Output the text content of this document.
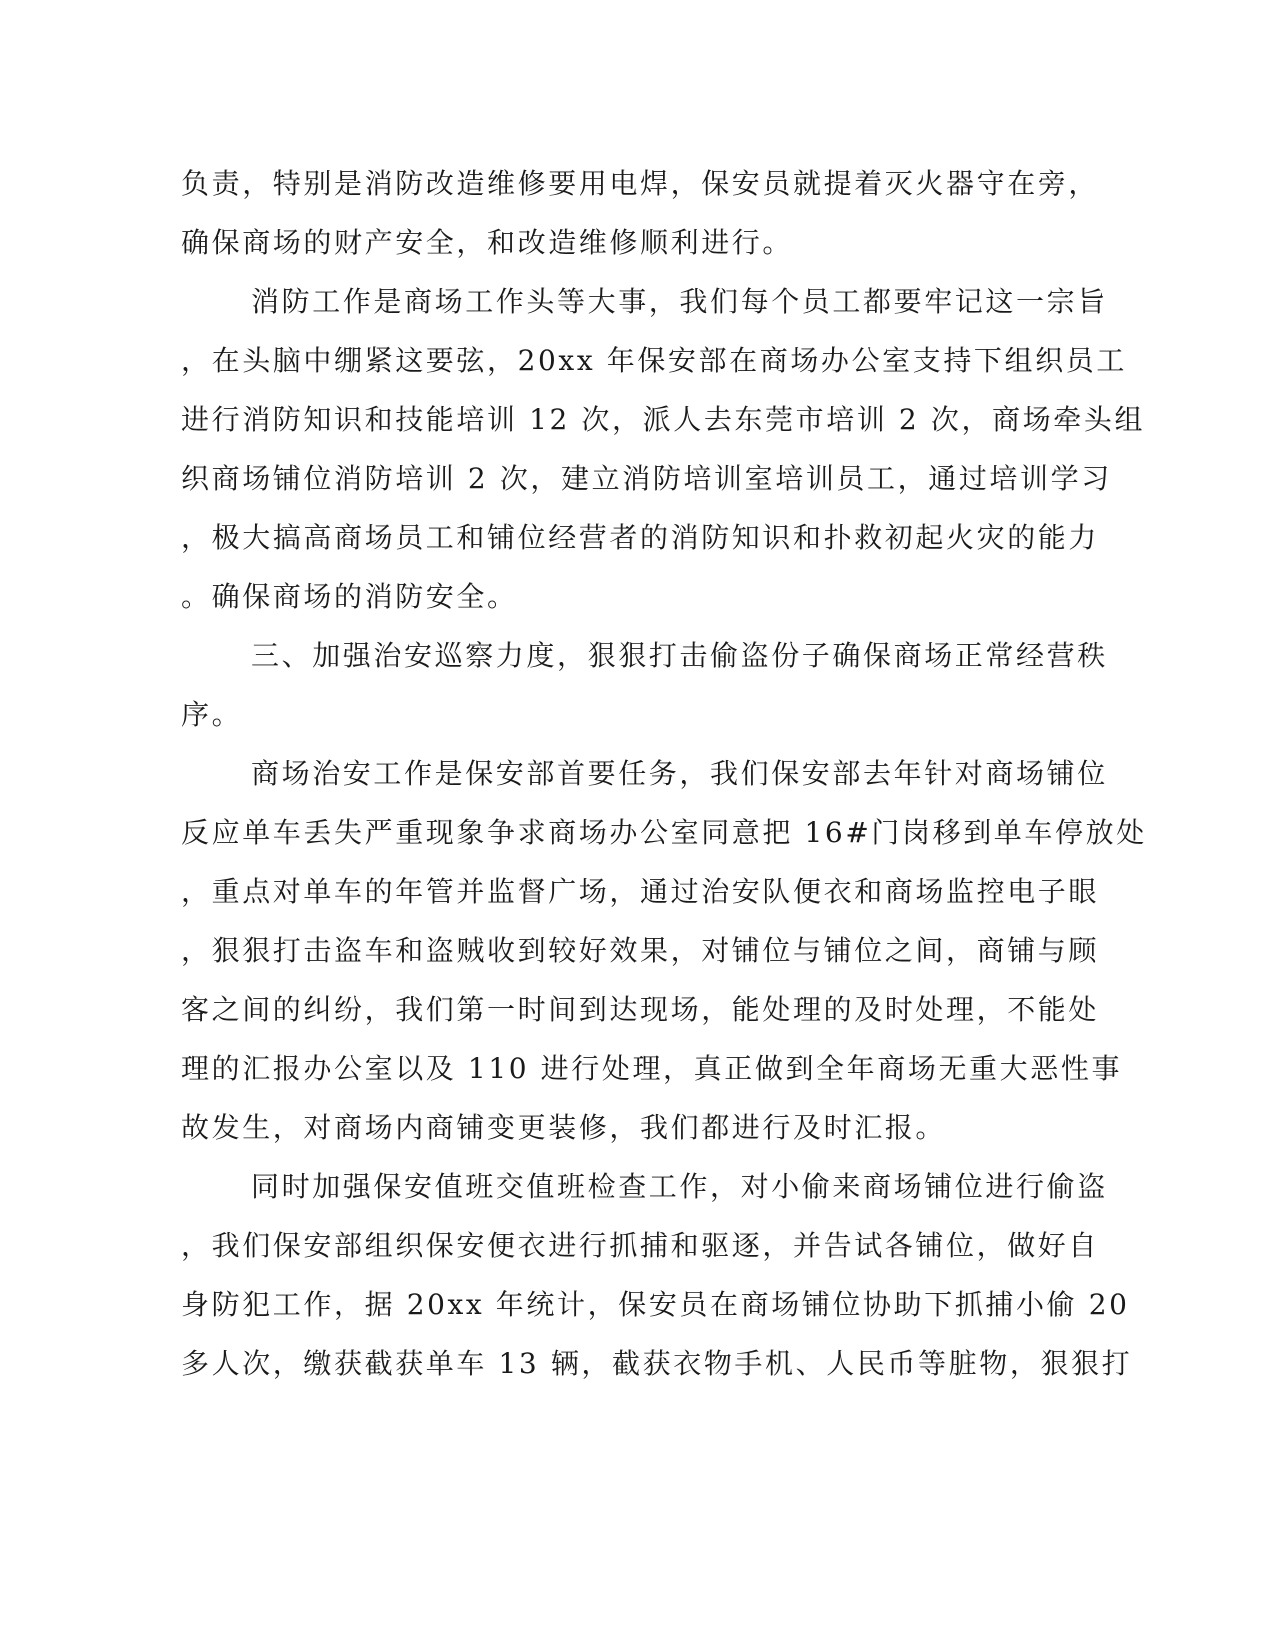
负责，特别是消防改造维修要用电焊，保安员就提着灭火器守在旁，
确保商场的财产安全，和改造维修顺利进行。
消防工作是商场工作头等大事，我们每个员工都要牢记这一宗旨
，在头脑中绷紧这要弦，20xx 年保安部在商场办公室支持下组织员工
进行消防知识和技能培训 12 次，派人去东莞市培训 2 次，商场牵头组
织商场铺位消防培训 2 次，建立消防培训室培训员工，通过培训学习
，极大搞高商场员工和铺位经营者的消防知识和扑救初起火灾的能力
。确保商场的消防安全。
三、加强治安巡察力度，狠狠打击偷盗份子确保商场正常经营秩
序。
商场治安工作是保安部首要任务，我们保安部去年针对商场铺位
反应单车丢失严重现象争求商场办公室同意把 16#门岗移到单车停放处
，重点对单车的年管并监督广场，通过治安队便衣和商场监控电子眼
，狠狠打击盗车和盗贼收到较好效果，对铺位与铺位之间，商铺与顾
客之间的纠纷，我们第一时间到达现场，能处理的及时处理，不能处
理的汇报办公室以及 110 进行处理，真正做到全年商场无重大恶性事
故发生，对商场内商铺变更装修，我们都进行及时汇报。
同时加强保安值班交值班检查工作，对小偷来商场铺位进行偷盗
，我们保安部组织保安便衣进行抓捕和驱逐，并告试各铺位，做好自
身防犯工作，据 20xx 年统计，保安员在商场铺位协助下抓捕小偷 20
多人次，缴获截获单车 13 辆，截获衣物手机、人民币等脏物，狠狠打
